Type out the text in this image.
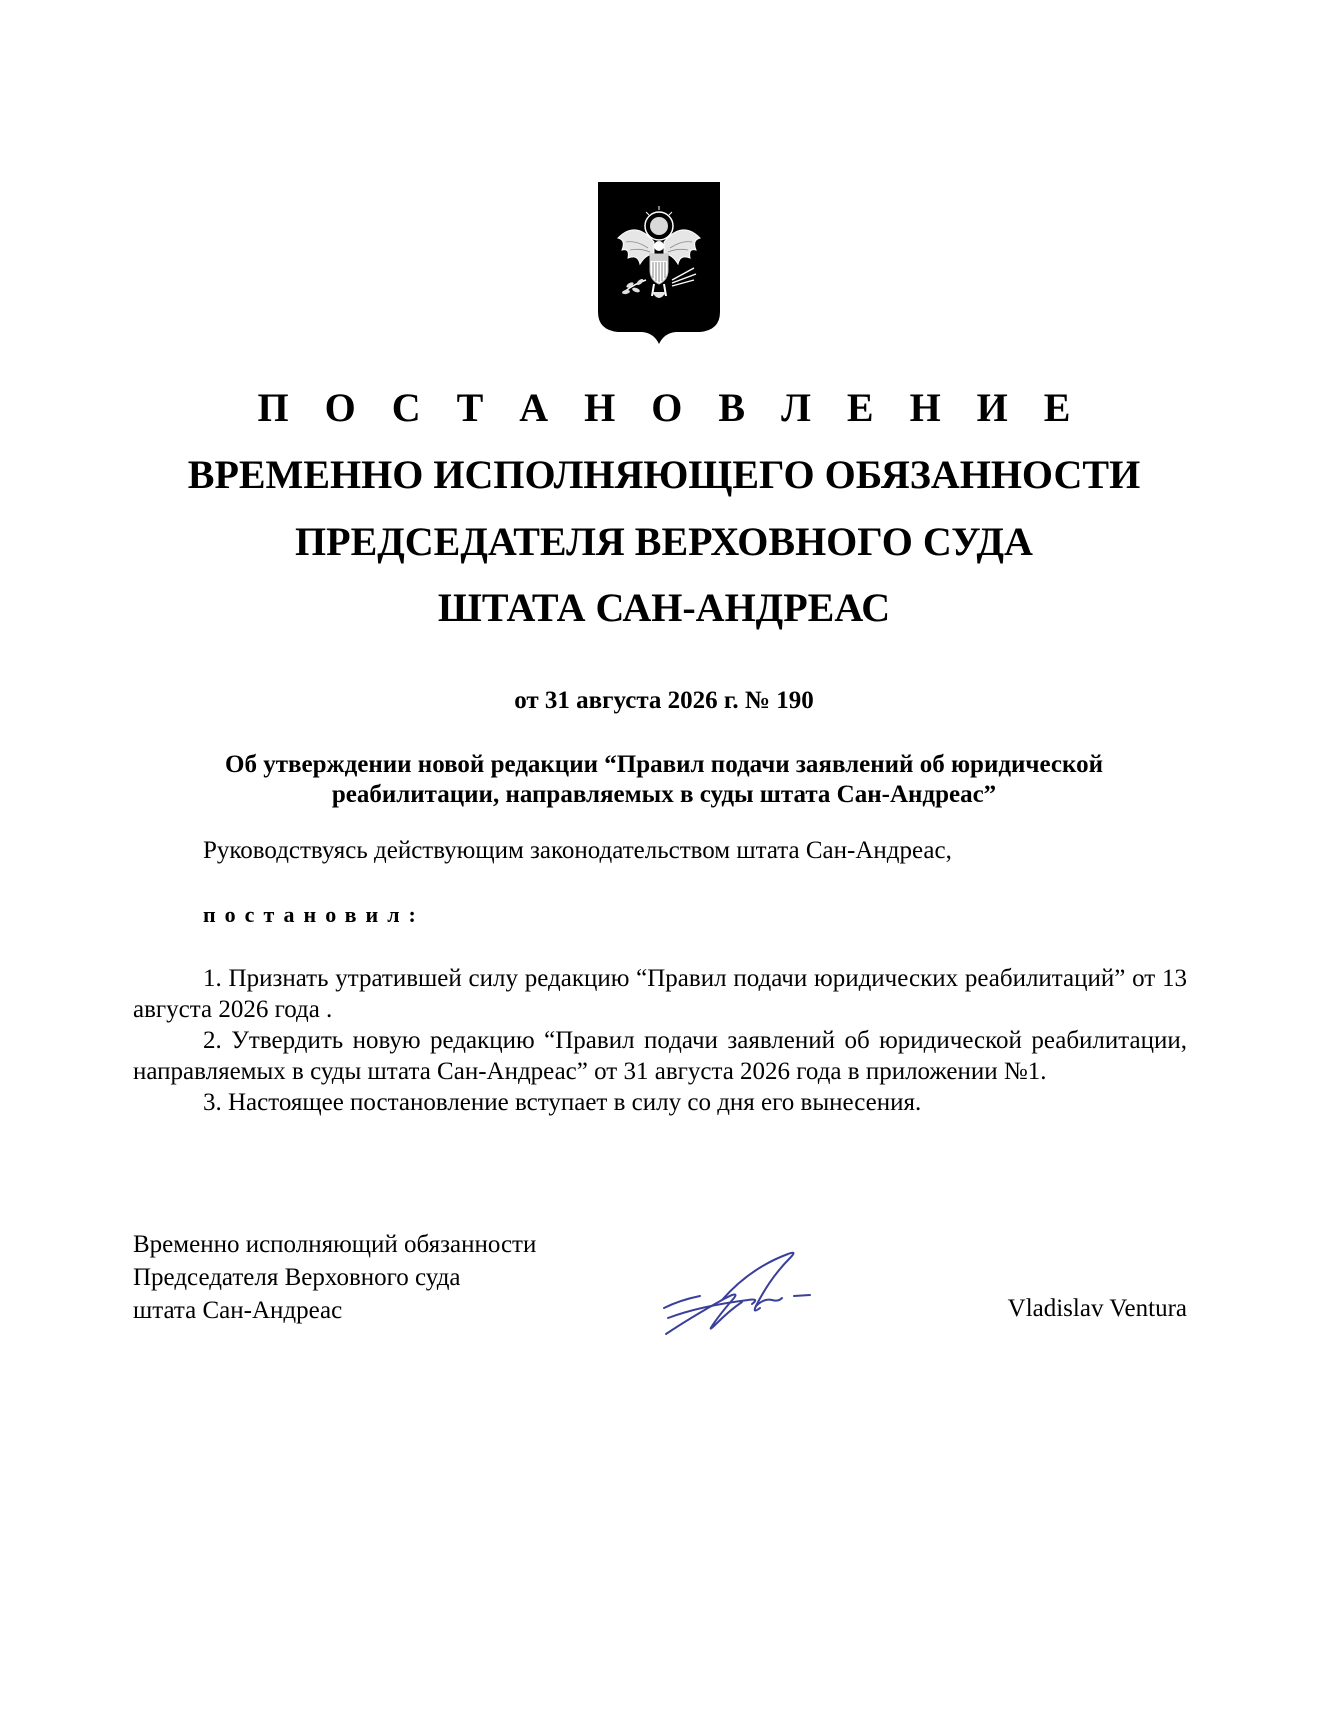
П О С Т А Н О В Л Е Н И Е
ВРЕМЕННО ИСПОЛНЯЮЩЕГО ОБЯЗАННОСТИ
ПРЕДСЕДАТЕЛЯ ВЕРХОВНОГО СУДА
ШТАТА САН-АНДРЕАС
от 31 августа 2026 г. № 190
Об утверждении новой редакции “Правил подачи заявлений об юридической
реабилитации, направляемых в суды штата Сан-Андреас”
Руководствуясь действующим законодательством штата Сан-Андреас,
постановил:

1. Признать утратившей силу редакцию “Правил подачи юридических реабилитаций” от 13 августа 2026 года .

2. Утвердить новую редакцию “Правил подачи заявлений об юридической реабилитации, направляемых в суды штата Сан-Андреас” от 31 августа 2026 года в приложении №1.

3. Настоящее постановление вступает в силу со дня его вынесения.

Временно исполняющий обязанности
Председателя Верховного суда
штата Сан-Андреас	Vladislav Ventura
